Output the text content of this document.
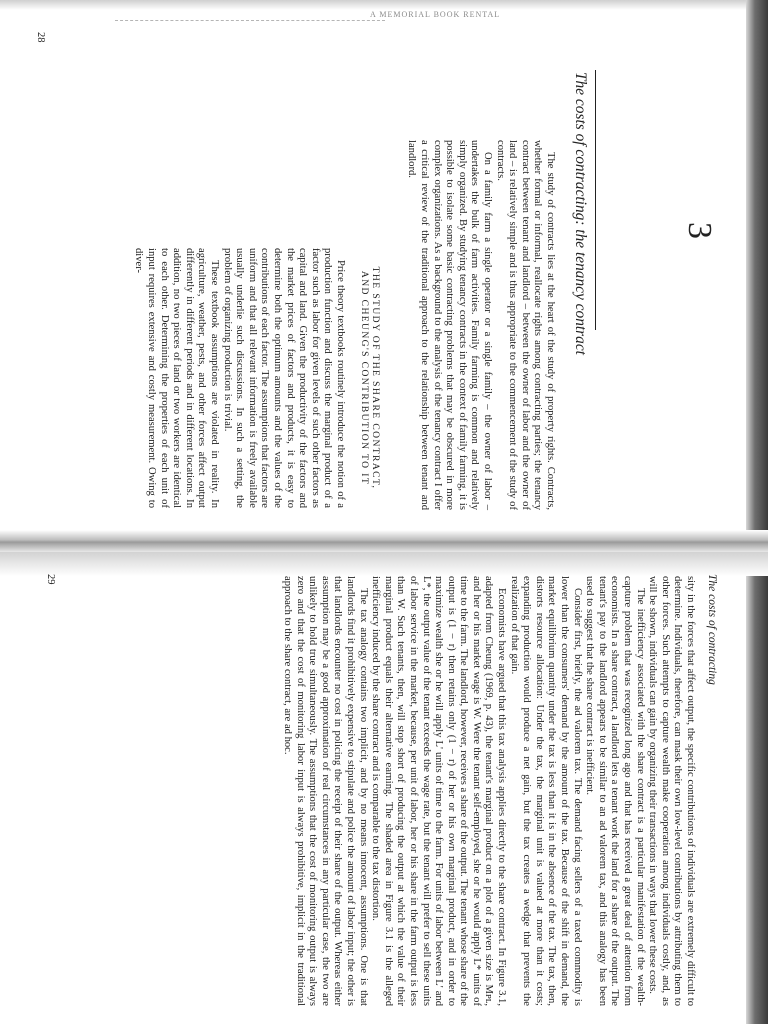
A MEMORIAL BOOK RENTAL
3
The costs of contracting: the tenancy contract

The study of contracts lies at the heart of the study of property rights. Contracts, whether formal or informal, reallocate rights among contracting parties; the tenancy contract between tenant and landlord – between the owner of labor and the owner of land – is relatively simple and is thus appropriate to the commencement of the study of contracts.

On a family farm a single operator or a single family – the owner of labor – undertakes the bulk of farm activities. Family farming is common and relatively simply organized. By studying tenancy contracts in the context of family farming, it is possible to isolate some basic contracting problems that may be obscured in more complex organizations. As a background to the analysis of the tenancy contract I offer a critical review of the traditional approach to the relationship between tenant and landlord.

THE STUDY OF THE SHARE CONTRACT,
AND CHEUNG'S CONTRIBUTION TO IT

Price theory textbooks routinely introduce the notion of a production function and discuss the marginal product of a factor such as labor for given levels of such other factors as capital and land. Given the productivity of the factors and the market prices of factors and products, it is easy to determine both the optimum amounts and the values of the contributions of each factor. The assumptions that factors are uniform and that all relevant information is freely available usually underlie such discussions. In such a setting, the problem of organizing production is trivial.

These textbook assumptions are violated in reality. In agriculture, weather, pests, and other forces affect output differently in different periods and in different locations. In addition, no two pieces of land or two workers are identical to each other. Determining the properties of each unit of input requires extensive and costly measurement. Owing to diver-

28
The costs of contracting

sity in the forces that affect output, the specific contributions of individuals are extremely difficult to determine. Individuals, therefore, can mask their own low-level contributions by attributing them to other forces. Such attempts to capture wealth make cooperation among individuals costly, and, as will be shown, individuals can gain by organizing their transactions in ways that lower these costs.

The inefficiency associated with the share contract is a particular manifestation of the wealth-capture problem that was recognized long ago and that has received a great deal of attention from economists. In a share contract, a landlord lets a tenant work the land for a share of the output. The tenant's pay to the landlord appears to be similar to an ad valorem tax, and this analogy has been used to suggest that the share contract is inefficient.

Consider first, briefly, the ad valorem tax. The demand facing sellers of a taxed commodity is lower than the consumers' demand by the amount of the tax. Because of the shift in demand, the market equilibrium quantity under the tax is less than it is in the absence of the tax. The tax, then, distorts resource allocation: Under the tax, the marginal unit is valued at more than it costs; expanding production would produce a net gain, but the tax creates a wedge that prevents the realization of that gain.

Economists have argued that this tax analysis applies directly to the share contract. In Figure 3.1, adapted from Cheung (1969, p. 43), the tenant's marginal product on a plot of a given size is Mᴘʟ, and her or his market wage is W. Were the tenant self-employed, she or he would apply L* units of time to the farm. The landlord, however, receives a share of the output. The tenant whose share of the output is (1 − r) then retains only (1 − r) of her or his own marginal product, and in order to maximize wealth she or he will apply L' units of time to the farm. For units of labor between L' and L*, the output value of the tenant exceeds the wage rate, but the tenant will prefer to sell these units of labor service in the market, because, per unit of labor, her or his share in the farm output is less than W. Such tenants, then, will stop short of producing the output at which the value of their marginal product equals their alternative earning. The shaded area in Figure 3.1 is the alleged inefficiency induced by the share contract and is comparable to the tax distortion.

The tax analogy contains two implicit, and by no means innocent, assumptions. One is that landlords find it prohibitively expensive to stipulate and police the amount of labor input; the other is that landlords encounter no cost in policing the receipt of their share of the output. Whereas either assumption may be a good approximation of real circumstances in any particular case, the two are unlikely to hold true simultaneously. The assumptions that the cost of monitoring output is always zero and that the cost of monitoring labor input is always prohibitive, implicit in the traditional approach to the share contract, are ad hoc.

29
